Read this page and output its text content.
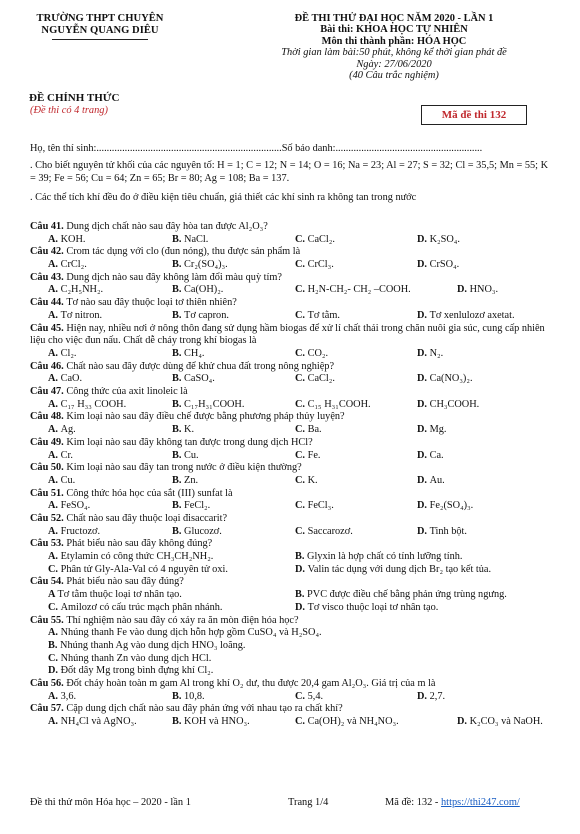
TRƯỜNG THPT CHUYÊN
NGUYỄN QUANG DIÊU
ĐỀ THI THỬ ĐẠI HỌC NĂM 2020 - LẦN 1
Bài thi: KHOA HỌC TỰ NHIÊN
Môn thi thành phần: HÓA HỌC
Thời gian làm bài:50 phút, không kể thời gian phát đề
Ngày: 27/06/2020
(40 Câu trắc nghiệm)
ĐỀ CHÍNH THỨC
(Đề thi có 4 trang)	Mã đề thi 132
Họ, tên thí sinh:........................................................................Số báo danh:.........................................................
. Cho biết nguyên tử khối của các nguyên tố: H = 1; C = 12; N = 14; O = 16; Na = 23; Al = 27; S = 32; Cl = 35,5; Mn = 55; K = 39; Fe = 56; Cu = 64; Zn = 65; Br = 80; Ag = 108; Ba = 137.
. Các thể tích khí đều đo ở điều kiện tiêu chuẩn, giả thiết các khí sinh ra không tan trong nước
Câu 41. Dung dịch chất nào sau đây hòa tan được Al₂O₃?
A. KOH.	B. NaCl.	C. CaCl₂.	D. K₂SO₄.
Câu 42. Crom tác dụng với clo (đun nóng), thu được sản phẩm là
A. CrCl₂.	B. Cr₂(SO₄)₃.	C. CrCl₃.	D. CrSO₄.
Câu 43. Dung dịch nào sau đây không làm đổi màu quỳ tím?
A. C₂H₅NH₂.	B. Ca(OH)₂.	C. H₂N-CH₂- CH₂ –COOH.	D. HNO₃.
Câu 44. Tơ nào sau đây thuộc loại tơ thiên nhiên?
A. Tơ nitron.	B. Tơ capron.	C. Tơ tằm.	D. Tơ xenlulozơ axetat.
Câu 45. Hiện nay, nhiều nơi ở nông thôn đang sử dụng hầm biogas để xử lí chất thải trong chăn nuôi gia súc, cung cấp nhiên liệu cho việc đun nấu. Chất dễ cháy trong khí biogas là
A. Cl₂.	B. CH₄.	C. CO₂.	D. N₂.
Câu 46. Chất nào sau đây được dùng để khử chua đất trong nông nghiệp?
A. CaO.	B. CaSO₄.	C. CaCl₂.	D. Ca(NO₃)₂.
Câu 47. Công thức của axit linoleic là
A. C₁₇ H₃₃ COOH.	B. C₁₇H₃₁COOH.	C. C₁₅ H₃₁COOH.	D. CH₃COOH.
Câu 48. Kim loại nào sau đây điều chế được bằng phương pháp thủy luyện?
A. Ag.	B. K.	C. Ba.	D. Mg.
Câu 49. Kim loại nào sau đây không tan được trong dung dịch HCl?
A. Cr.	B. Cu.	C. Fe.	D. Ca.
Câu 50. Kim loại nào sau đây tan trong nước ở điều kiện thường?
A. Cu.	B. Zn.	C. K.	D. Au.
Câu 51. Công thức hóa học của sắt (III) sunfat là
A. FeSO₄.	B. FeCl₂.	C. FeCl₃.	D. Fe₂(SO₄)₃.
Câu 52. Chất nào sau đây thuộc loại đisaccarit?
A. Fructozơ.	B. Glucozơ.	C. Saccarozơ.	D. Tinh bột.
Câu 53. Phát biểu nào sau đây không đúng?
A. Etylamin có công thức CH₃CH₂NH₂.	B. Glyxin là hợp chất có tính lưỡng tính.
C. Phân tử Gly-Ala-Val có 4 nguyên tử oxi.	D. Valin tác dụng với dung dịch Br₂ tạo kết tủa.
Câu 54. Phát biểu nào sau đây đúng?
A Tơ tằm thuộc loại tơ nhân tạo.	B. PVC được điều chế bằng phản ứng trùng ngưng.
C. Amilozơ có cấu trúc mạch phân nhánh.	D. Tơ visco thuộc loại tơ nhân tạo.
Câu 55. Thí nghiệm nào sau đây có xảy ra ăn mòn điện hóa học?
A. Nhúng thanh Fe vào dung dịch hỗn hợp gồm CuSO₄ và H₂SO₄.
B. Nhúng thanh Ag vào dung dịch HNO₃ loãng.
C. Nhúng thanh Zn vào dung dịch HCl.
D. Đốt dây Mg trong bình đựng khí Cl₂.
Câu 56. Đốt cháy hoàn toàn m gam Al trong khí O₂ dư, thu được 20,4 gam Al₂O₃. Giá trị của m là
A. 3,6.	B. 10,8.	C. 5,4.	D. 2,7.
Câu 57. Cặp dung dịch chất nào sau đây phản ứng với nhau tạo ra chất khí?
A. NH₄Cl và AgNO₃.	B. KOH và HNO₃.	C. Ca(OH)₂ và NH₄NO₃.	D. K₂CO₃ và NaOH.
Đề thi thử môn Hóa học – 2020 - lần 1	Trang 1/4	Mã đề: 132 - https://thi247.com/
